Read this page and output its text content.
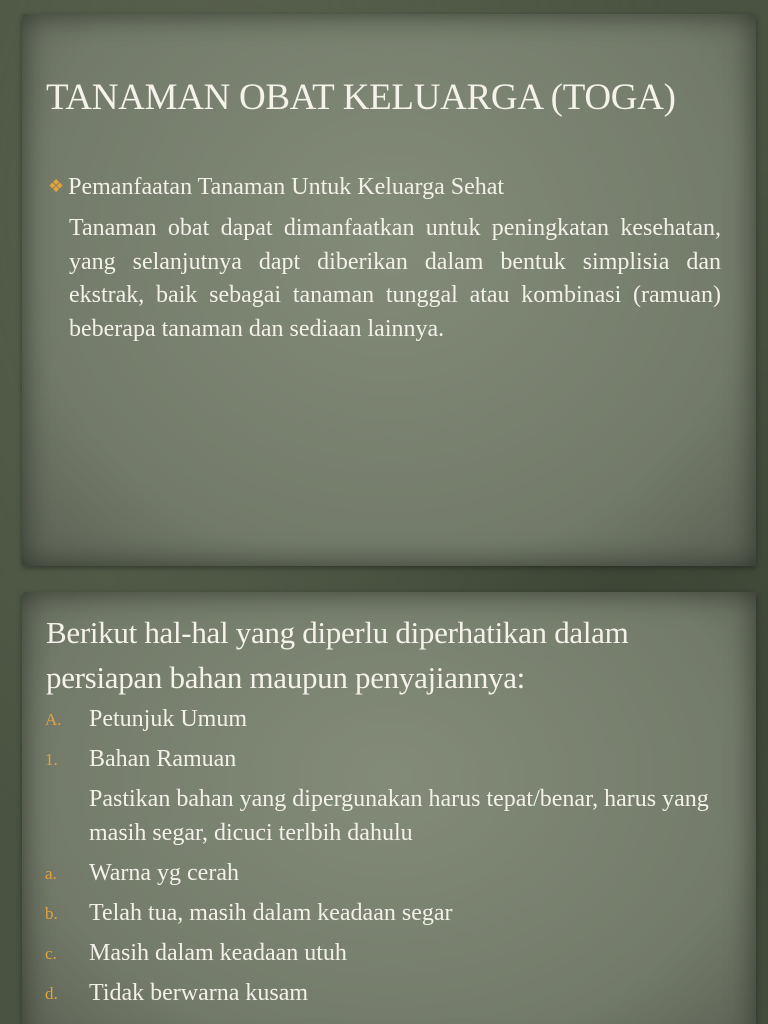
TANAMAN OBAT KELUARGA (TOGA)
❖ Pemanfaatan Tanaman Untuk Keluarga Sehat

Tanaman obat dapat dimanfaatkan untuk peningkatan kesehatan, yang selanjutnya dapt diberikan dalam bentuk simplisia dan ekstrak, baik sebagai tanaman tunggal atau kombinasi (ramuan) beberapa tanaman dan sediaan lainnya.

Berikut hal-hal yang diperlu diperhatikan dalam persiapan bahan maupun penyajiannya:
A. Petunjuk Umum
1. Bahan Ramuan
Pastikan bahan yang dipergunakan harus tepat/benar, harus yang masih segar, dicuci terlbih dahulu
a. Warna yg cerah
b. Telah tua, masih dalam keadaan segar
c. Masih dalam keadaan utuh
d. Tidak berwarna kusam
